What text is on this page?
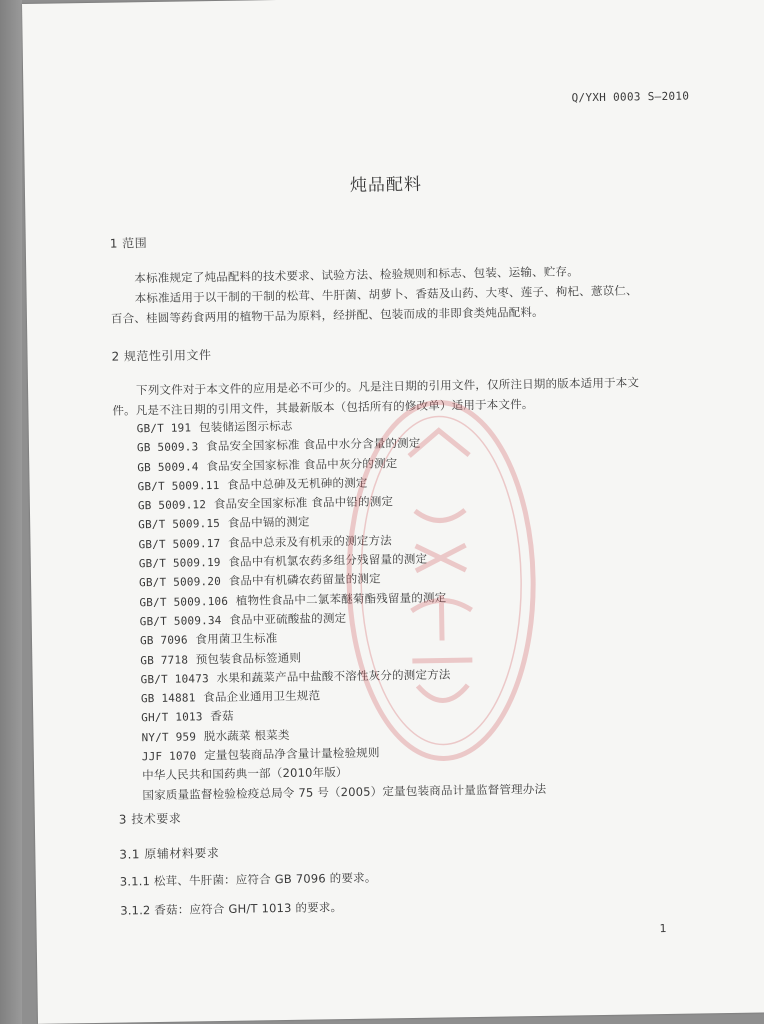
Q/YXH 0003 S—2010
炖品配料
1 范围
本标准规定了炖品配料的技术要求、试验方法、检验规则和标志、包装、运输、贮存。
本标准适用于以干制的干制的松茸、牛肝菌、胡萝卜、香菇及山药、大枣、莲子、枸杞、薏苡仁、
百合、桂圆等药食两用的植物干品为原料，经拼配、包装而成的非即食类炖品配料。
2 规范性引用文件
下列文件对于本文件的应用是必不可少的。凡是注日期的引用文件，仅所注日期的版本适用于本文
件。凡是不注日期的引用文件，其最新版本（包括所有的修改单）适用于本文件。
GB/T 191 包装储运图示标志
GB 5009.3 食品安全国家标准 食品中水分含量的测定
GB 5009.4 食品安全国家标准 食品中灰分的测定
GB/T 5009.11 食品中总砷及无机砷的测定
GB 5009.12 食品安全国家标准 食品中铅的测定
GB/T 5009.15 食品中镉的测定
GB/T 5009.17 食品中总汞及有机汞的测定方法
GB/T 5009.19 食品中有机氯农药多组分残留量的测定
GB/T 5009.20 食品中有机磷农药留量的测定
GB/T 5009.106 植物性食品中二氯苯醚菊酯残留量的测定
GB/T 5009.34 食品中亚硫酸盐的测定
GB 7096 食用菌卫生标准
GB 7718 预包装食品标签通则
GB/T 10473 水果和蔬菜产品中盐酸不溶性灰分的测定方法
GB 14881 食品企业通用卫生规范
GH/T 1013 香菇
NY/T 959 脱水蔬菜 根菜类
JJF 1070 定量包装商品净含量计量检验规则
中华人民共和国药典一部（2010年版）
国家质量监督检验检疫总局令 75 号（2005）定量包装商品计量监督管理办法
3 技术要求
3.1 原辅材料要求
3.1.1 松茸、牛肝菌：应符合 GB 7096 的要求。
3.1.2 香菇：应符合 GH/T 1013 的要求。
1
